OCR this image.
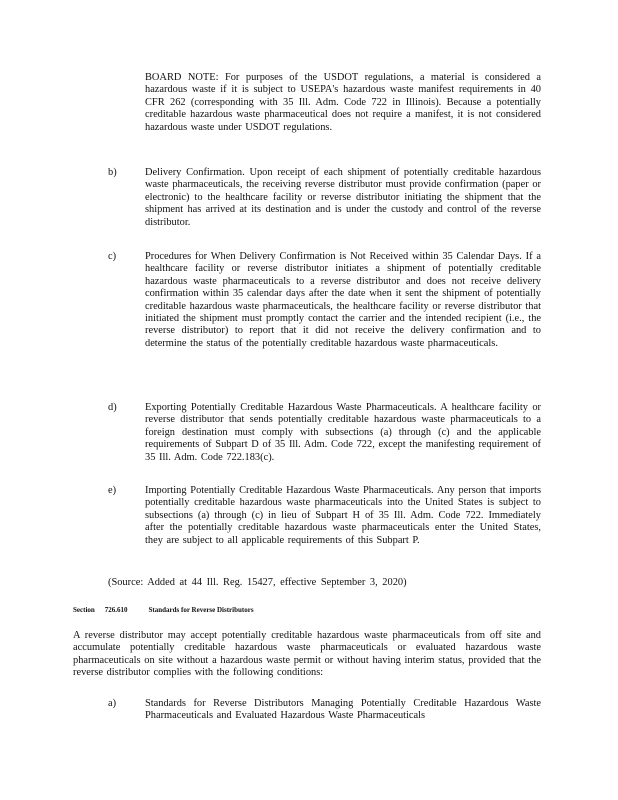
BOARD NOTE: For purposes of the USDOT regulations, a material is considered a hazardous waste if it is subject to USEPA's hazardous waste manifest requirements in 40 CFR 262 (corresponding with 35 Ill. Adm. Code 722 in Illinois). Because a potentially creditable hazardous waste pharmaceutical does not require a manifest, it is not considered hazardous waste under USDOT regulations.
b)	Delivery Confirmation. Upon receipt of each shipment of potentially creditable hazardous waste pharmaceuticals, the receiving reverse distributor must provide confirmation (paper or electronic) to the healthcare facility or reverse distributor initiating the shipment that the shipment has arrived at its destination and is under the custody and control of the reverse distributor.
c)	Procedures for When Delivery Confirmation is Not Received within 35 Calendar Days. If a healthcare facility or reverse distributor initiates a shipment of potentially creditable hazardous waste pharmaceuticals to a reverse distributor and does not receive delivery confirmation within 35 calendar days after the date when it sent the shipment of potentially creditable hazardous waste pharmaceuticals, the healthcare facility or reverse distributor that initiated the shipment must promptly contact the carrier and the intended recipient (i.e., the reverse distributor) to report that it did not receive the delivery confirmation and to determine the status of the potentially creditable hazardous waste pharmaceuticals.
d)	Exporting Potentially Creditable Hazardous Waste Pharmaceuticals. A healthcare facility or reverse distributor that sends potentially creditable hazardous waste pharmaceuticals to a foreign destination must comply with subsections (a) through (c) and the applicable requirements of Subpart D of 35 Ill. Adm. Code 722, except the manifesting requirement of 35 Ill. Adm. Code 722.183(c).
e)	Importing Potentially Creditable Hazardous Waste Pharmaceuticals. Any person that imports potentially creditable hazardous waste pharmaceuticals into the United States is subject to subsections (a) through (c) in lieu of Subpart H of 35 Ill. Adm. Code 722. Immediately after the potentially creditable hazardous waste pharmaceuticals enter the United States, they are subject to all applicable requirements of this Subpart P.
(Source: Added at 44 Ill. Reg. 15427, effective September 3, 2020)
Section 726.610	Standards for Reverse Distributors
A reverse distributor may accept potentially creditable hazardous waste pharmaceuticals from off site and accumulate potentially creditable hazardous waste pharmaceuticals or evaluated hazardous waste pharmaceuticals on site without a hazardous waste permit or without having interim status, provided that the reverse distributor complies with the following conditions:
a)	Standards for Reverse Distributors Managing Potentially Creditable Hazardous Waste Pharmaceuticals and Evaluated Hazardous Waste Pharmaceuticals
